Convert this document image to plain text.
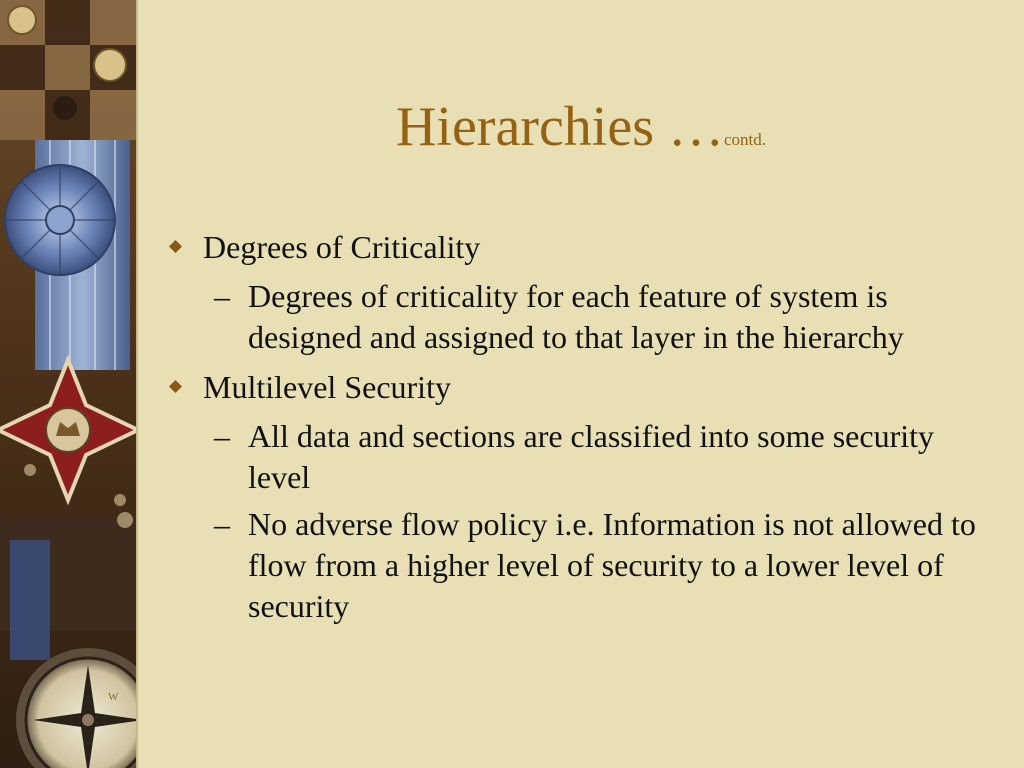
W
Hierarchies …contd.
Degrees of Criticality
– Degrees of criticality for each feature of system is designed and assigned to that layer in the hierarchy
Multilevel Security
– All data and sections are classified into some security level
– No adverse flow policy i.e. Information is not allowed to flow from a higher level of security to a lower level of security
